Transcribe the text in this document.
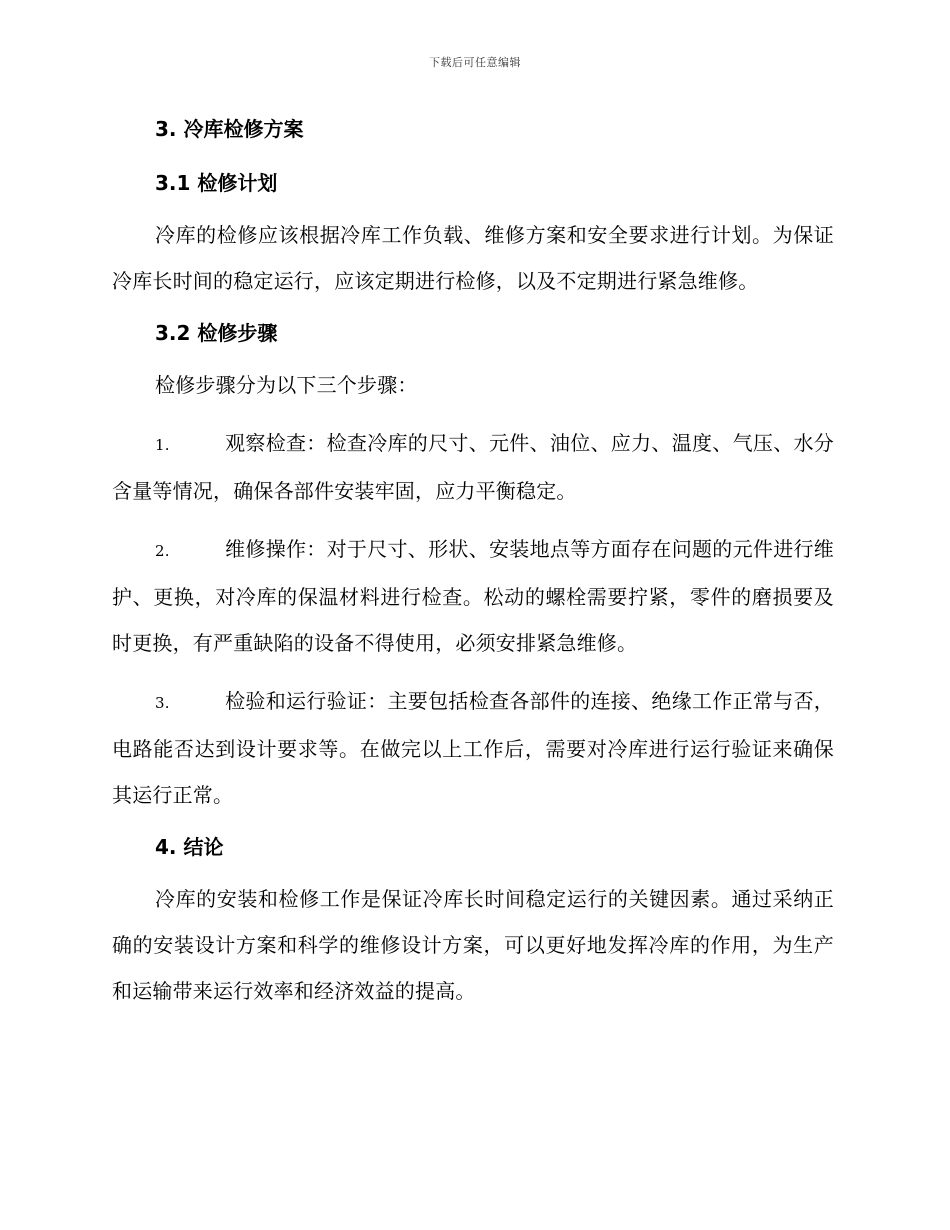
下载后可任意编辑
3. 冷库检修方案
3.1 检修计划

冷库的检修应该根据冷库工作负载、维修方案和安全要求进行计划。为保证冷库长时间的稳定运行，应该定期进行检修，以及不定期进行紧急维修。

3.2 检修步骤

检修步骤分为以下三个步骤：

1.	观察检查：检查冷库的尺寸、元件、油位、应力、温度、气压、水分含量等情况，确保各部件安装牢固，应力平衡稳定。

2.	维修操作：对于尺寸、形状、安装地点等方面存在问题的元件进行维护、更换，对冷库的保温材料进行检查。松动的螺栓需要拧紧，零件的磨损要及时更换，有严重缺陷的设备不得使用，必须安排紧急维修。

3.	检验和运行验证：主要包括检查各部件的连接、绝缘工作正常与否，电路能否达到设计要求等。在做完以上工作后，需要对冷库进行运行验证来确保其运行正常。

4. 结论

冷库的安装和检修工作是保证冷库长时间稳定运行的关键因素。通过采纳正确的安装设计方案和科学的维修设计方案，可以更好地发挥冷库的作用，为生产和运输带来运行效率和经济效益的提高。
